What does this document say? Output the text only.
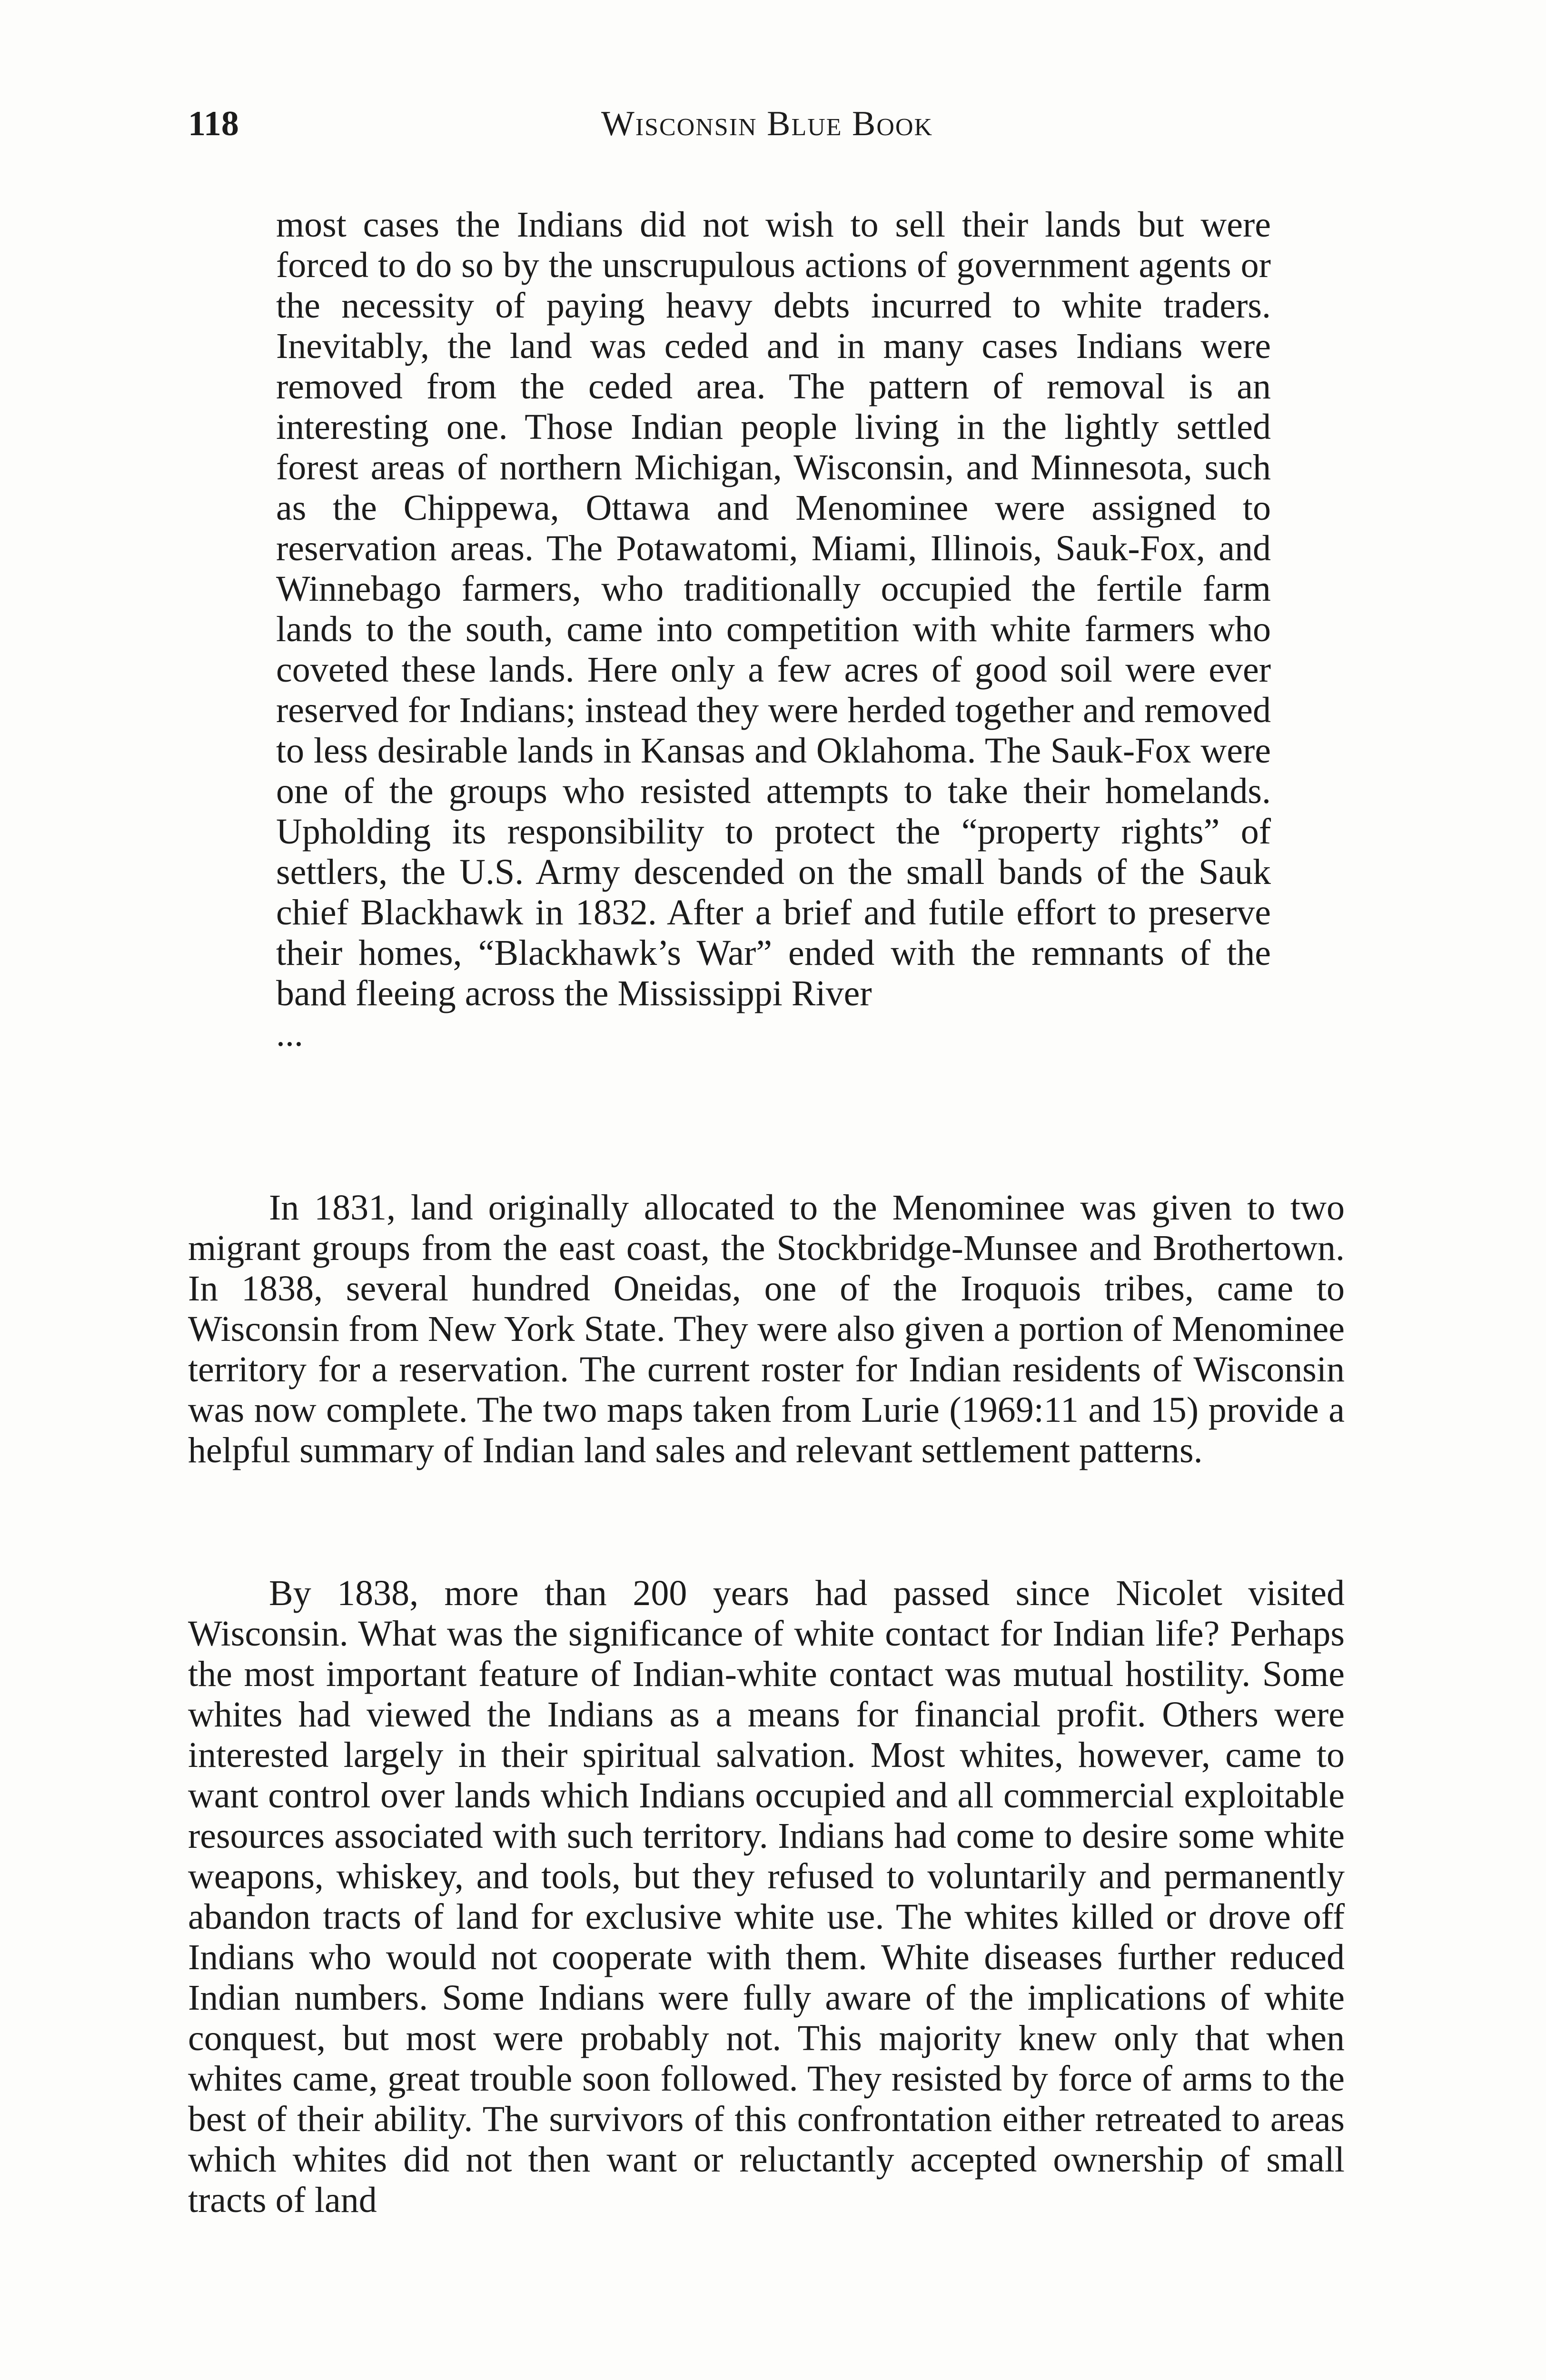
118	Wisconsin Blue Book

most cases the Indians did not wish to sell their lands but were forced to do so by the unscrupulous actions of government agents or the necessity of paying heavy debts incurred to white traders. Inevitably, the land was ceded and in many cases Indians were removed from the ceded area. The pattern of removal is an interesting one. Those Indian people living in the lightly settled forest areas of northern Michigan, Wisconsin, and Minnesota, such as the Chippewa, Ottawa and Menominee were assigned to reservation areas. The Potawatomi, Miami, Illinois, Sauk-Fox, and Winnebago farmers, who traditionally occupied the fertile farm lands to the south, came into competition with white farmers who coveted these lands. Here only a few acres of good soil were ever reserved for Indians; instead they were herded together and removed to less desirable lands in Kansas and Oklahoma. The Sauk-Fox were one of the groups who resisted attempts to take their homelands. Upholding its responsibility to protect the “property rights” of settlers, the U.S. Army descended on the small bands of the Sauk chief Blackhawk in 1832. After a brief and futile effort to preserve their homes, “Blackhawk’s War” ended with the remnants of the band fleeing across the Mississippi River

...

In 1831, land originally allocated to the Menominee was given to two migrant groups from the east coast, the Stockbridge-Munsee and Brothertown. In 1838, several hundred Oneidas, one of the Iroquois tribes, came to Wisconsin from New York State. They were also given a portion of Menominee territory for a reservation. The current roster for Indian residents of Wisconsin was now complete. The two maps taken from Lurie (1969:11 and 15) provide a helpful summary of Indian land sales and relevant settlement patterns.

By 1838, more than 200 years had passed since Nicolet visited Wisconsin. What was the significance of white contact for Indian life? Perhaps the most important feature of Indian-white contact was mutual hostility. Some whites had viewed the Indians as a means for financial profit. Others were interested largely in their spiritual salvation. Most whites, however, came to want control over lands which Indians occupied and all commercial exploitable resources associated with such territory. Indians had come to desire some white weapons, whiskey, and tools, but they refused to voluntarily and permanently abandon tracts of land for exclusive white use. The whites killed or drove off Indians who would not cooperate with them. White diseases further reduced Indian numbers. Some Indians were fully aware of the implications of white conquest, but most were probably not. This majority knew only that when whites came, great trouble soon followed. They resisted by force of arms to the best of their ability. The survivors of this confrontation either retreated to areas which whites did not then want or reluctantly accepted ownership of small tracts of land
